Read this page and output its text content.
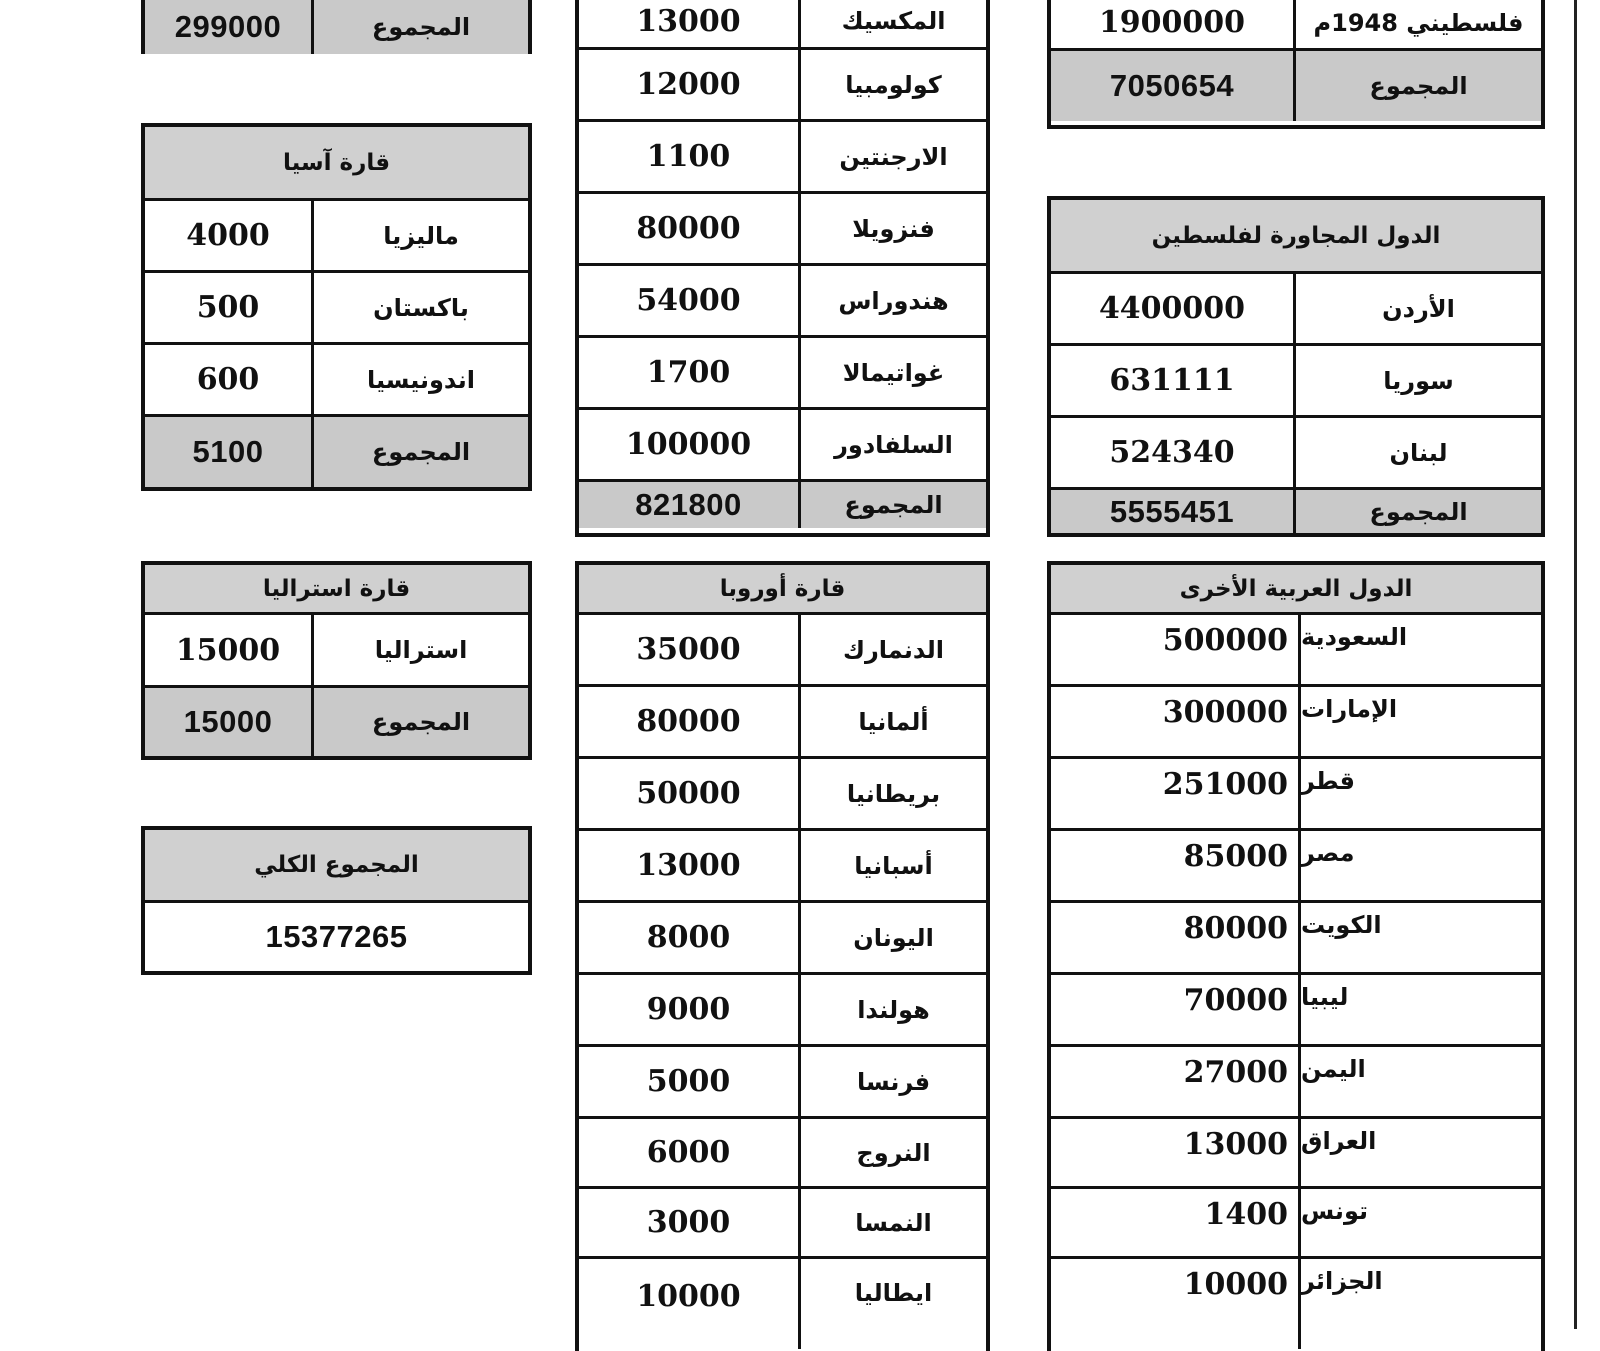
299000	المجموع
قارة آسيا
4000	ماليزيا
500	باكستان
600	اندونيسيا
5100	المجموع
قارة استراليا
15000	استراليا
15000	المجموع
المجموع الكلي
15377265
13000	المكسيك
12000	كولومبيا
1100	الارجنتين
80000	فنزويلا
54000	هندوراس
1700	غواتيمالا
100000	السلفادور
821800	المجموع
قارة أوروبا
35000	الدنمارك
80000	ألمانيا
50000	بريطانيا
13000	أسبانيا
8000	اليونان
9000	هولندا
5000	فرنسا
6000	النروج
3000	النمسا
10000	ايطاليا
1900000	فلسطيني 1948م
7050654	المجموع
الدول المجاورة لفلسطين
4400000	الأردن
631111	سوريا
524340	لبنان
5555451	المجموع
الدول العربية الأخرى
500000 السعودية
300000 الإمارات
251000 قطر
85000 مصر
80000 الكويت
70000 ليبيا
27000 اليمن
13000 العراق
1400 تونس
10000 الجزائر
